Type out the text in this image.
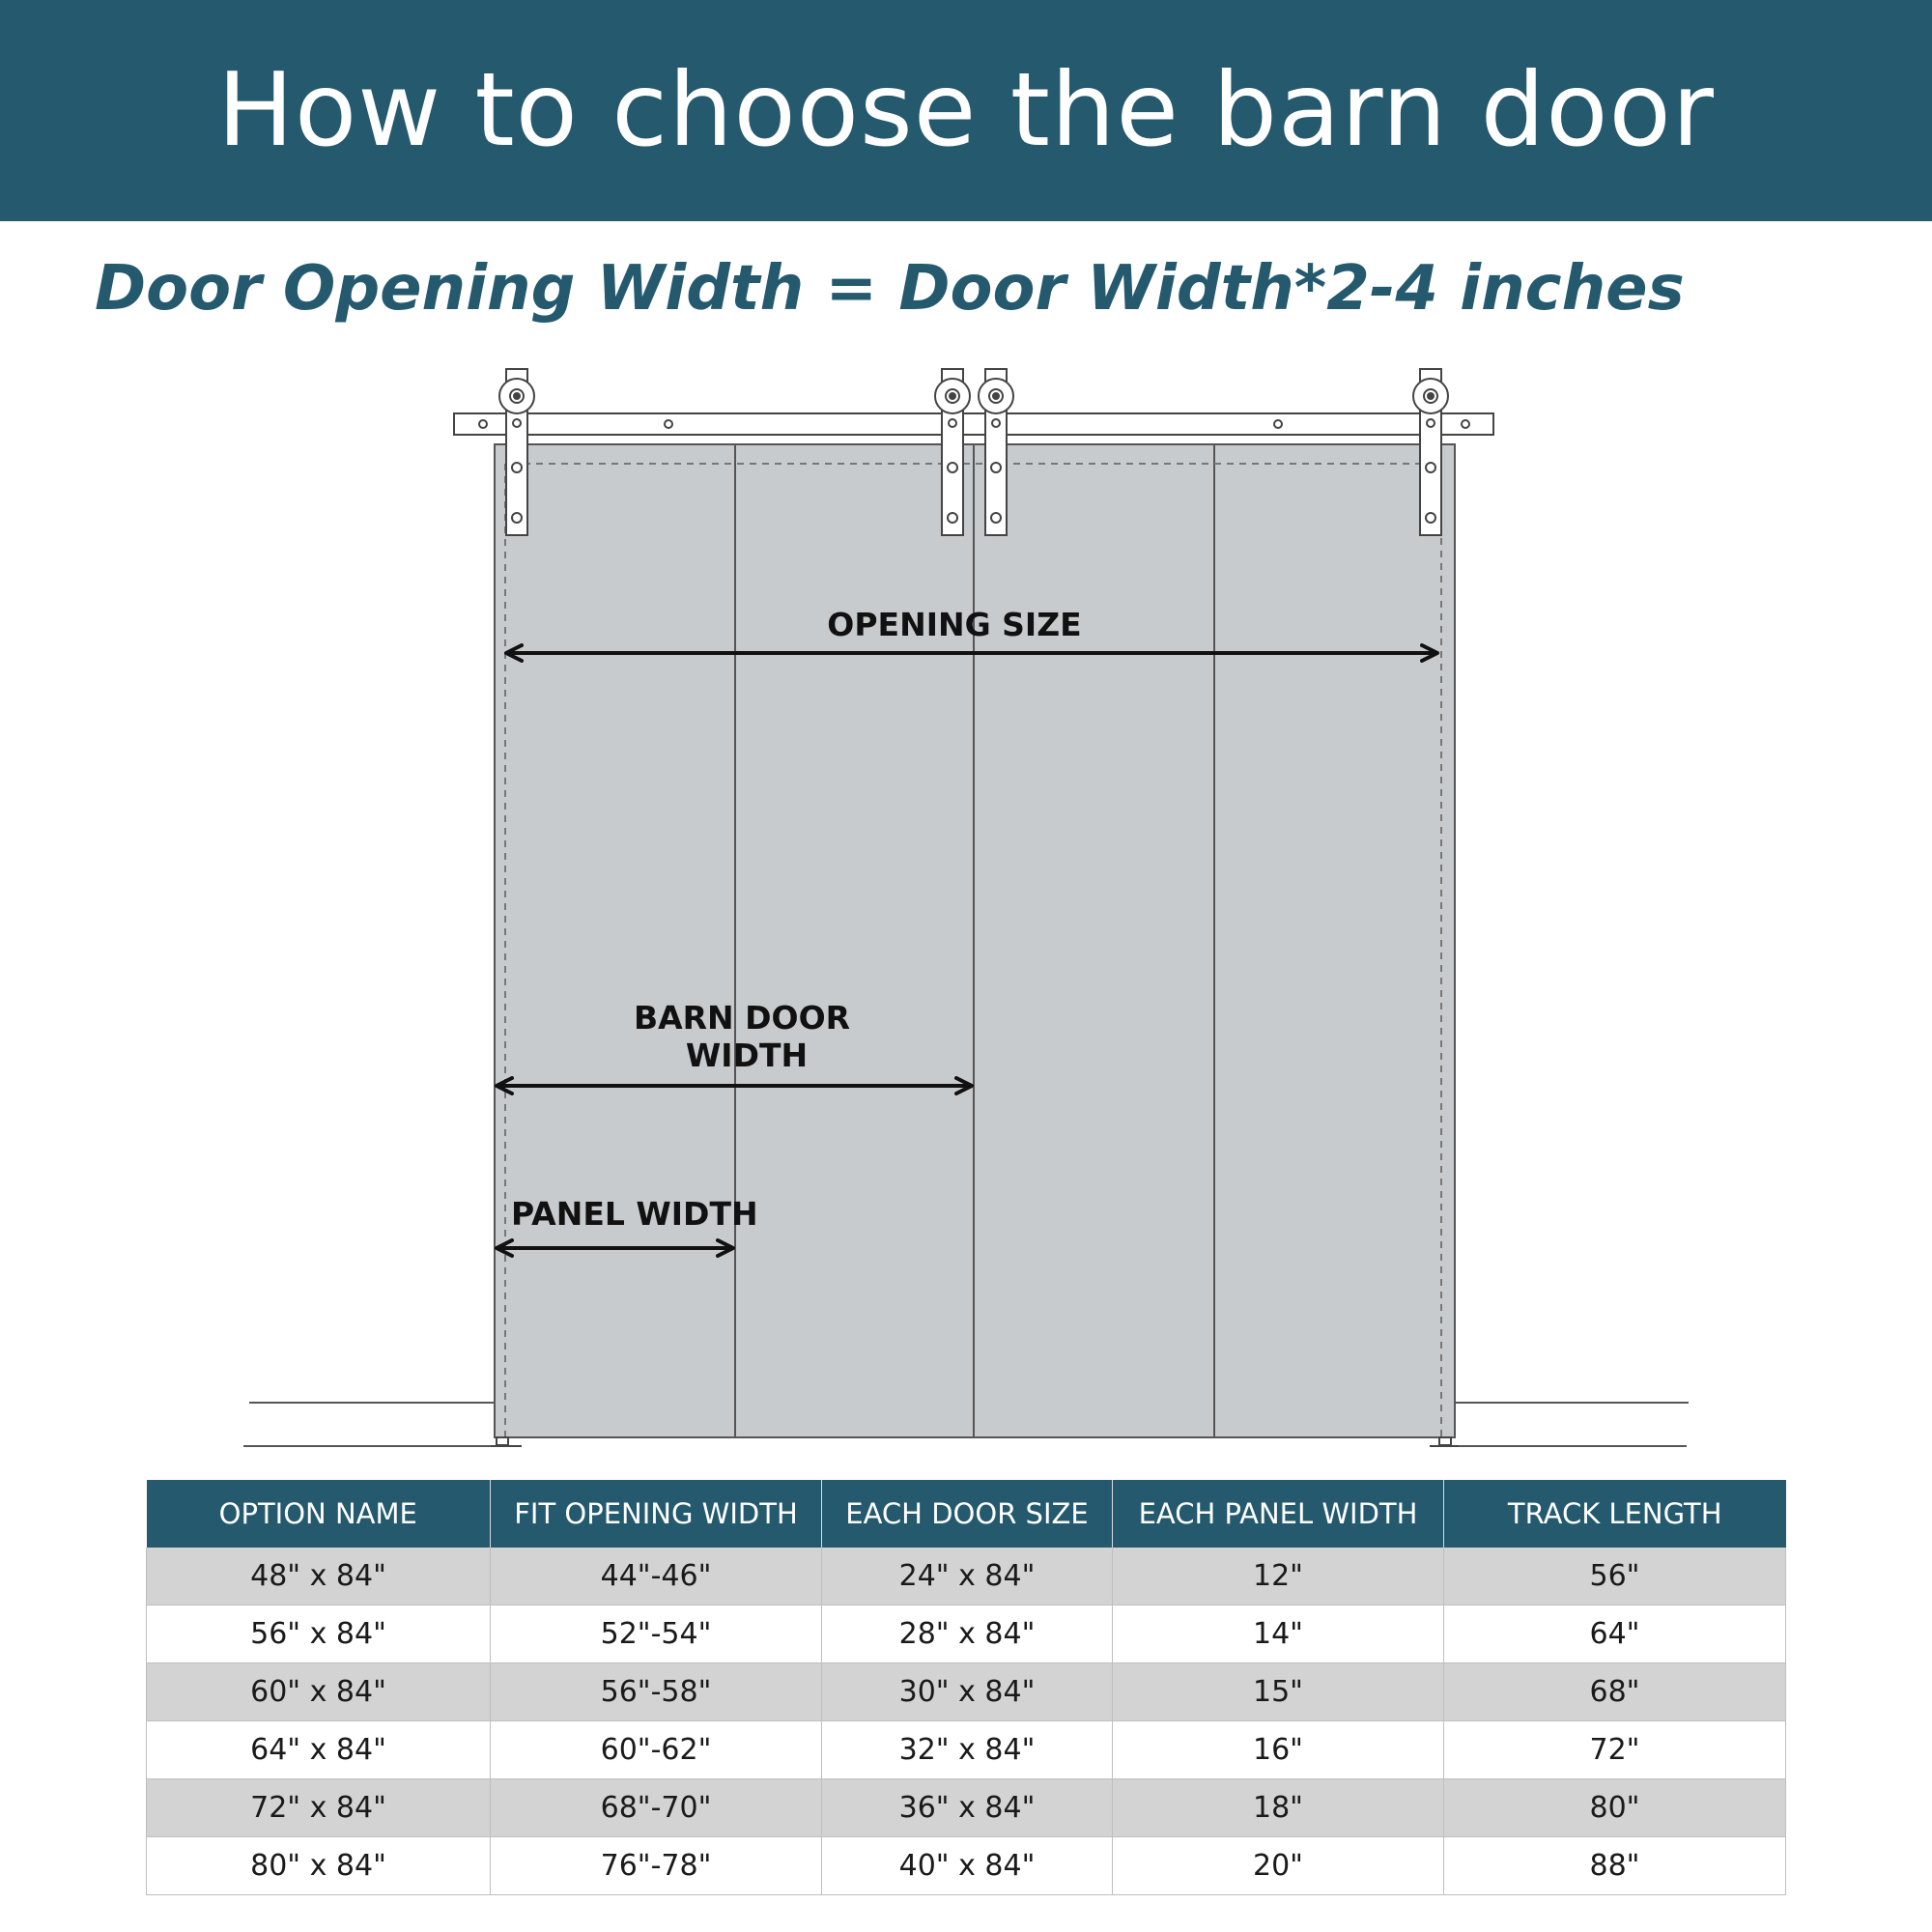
How to choose the barn door
Door Opening Width = Door Width*2-4 inches
OPENING SIZE
BARN DOOR
WIDTH
PANEL WIDTH
OPTION NAME	FIT OPENING WIDTH	EACH DOOR SIZE	EACH PANEL WIDTH	TRACK LENGTH
48" x 84"	44"-46"	24" x 84"	12"	56"
56" x 84"	52"-54"	28" x 84"	14"	64"
60" x 84"	56"-58"	30" x 84"	15"	68"
64" x 84"	60"-62"	32" x 84"	16"	72"
72" x 84"	68"-70"	36" x 84"	18"	80"
80" x 84"	76"-78"	40" x 84"	20"	88"
